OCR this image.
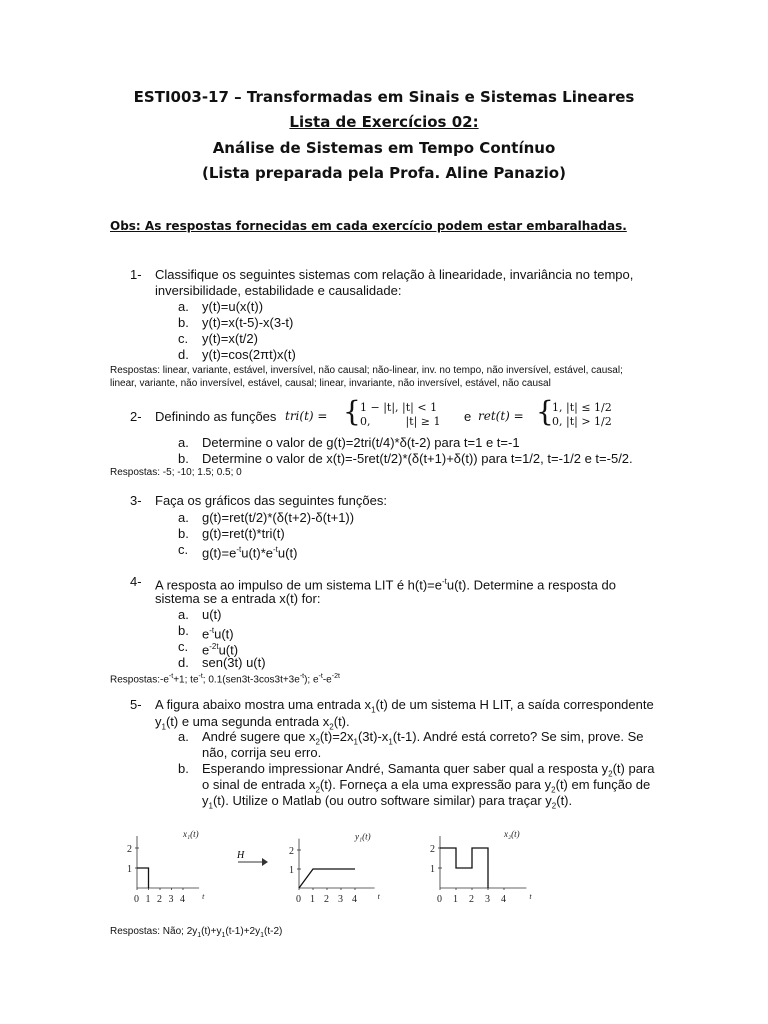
ESTI003-17 – Transformadas em Sinais e Sistemas Lineares
Lista de Exercícios 02:
Análise de Sistemas em Tempo Contínuo
(Lista preparada pela Profa. Aline Panazio)
Obs: As respostas fornecidas em cada exercício podem estar embaralhadas.
1-	Classifique os seguintes sistemas com relação à linearidade, invariância no tempo,
inversibilidade, estabilidade e causalidade:
a.	y(t)=u(x(t))
b.	y(t)=x(t-5)-x(3-t)
c.	y(t)=x(t/2)
d.	y(t)=cos(2πt)x(t)
Respostas: linear, variante, estável, inversível, não causal; não-linear, inv. no tempo, não inversível, estável, causal;
linear, variante, não inversível, estável, causal; linear, invariante, não inversível, estável, não causal
2-	Definindo as funções tri(t) = { 1 − |t|, |t| < 1
0,          |t| ≥ 1 e ret(t) = {
1, |t| ≤ 1/2
0, |t| > 1/2
a.	Determine o valor de g(t)=2tri(t/4)*δ(t-2) para t=1 e t=-1
b.	Determine o valor de x(t)=-5ret(t/2)*(δ(t+1)+δ(t)) para t=1/2, t=-1/2 e t=-5/2.
Respostas: -5; -10; 1.5; 0.5; 0
3-	Faça os gráficos das seguintes funções:
a.	g(t)=ret(t/2)*(δ(t+2)-δ(t+1))
b.	g(t)=ret(t)*tri(t)
c.	$g(t)=e^{-t}u(t)*e^{-t}u(t)$
4-	A resposta ao impulso de um sistema LIT é $h(t)=e^{-t}u(t)$. Determine a resposta do
sistema se a entrada x(t) for:
a.	u(t)
b.	$e^{-t}u(t)$
c.	$e^{-2t}u(t)$
d.	sen(3t) u(t)
$Respostas:-e^{-t}+1$; $te^{-t}$; $0.1(sen3t-3\cos 3t+3e^{-t})$; $e^{-t}-e^{-2t}$
5-	A figura abaixo mostra uma entrada $x_1(t)$ de um sistema H LIT, a saída correspondente
$y_1(t)$ e uma segunda entrada $x_2(t)$.
a.	André sugere que $x_2(t)=2x_1(3t)-x_1(t-1)$. André está correto? Se sim, prove. Se
não, corrija seu erro.
b.	Esperando impressionar André, Samanta quer saber qual a resposta $y_2(t)$ para
o sinal de entrada $x_2(t)$. Forneça a ela uma expressão para $y_2(t)$ em função de
$y_1(t)$. Utilize o Matlab (ou outro software similar) para traçar $y_2(t)$.
1
2
0 1 2 3 4 t
x₁(t)
1
2
0 1 2 3 4	t
y₁(t)
1
2
0 1 2 3 4	t
x₂(t)
H
Respostas: Não; $2y_1(t)+y_1(t-1)+2y_1(t-2)$
